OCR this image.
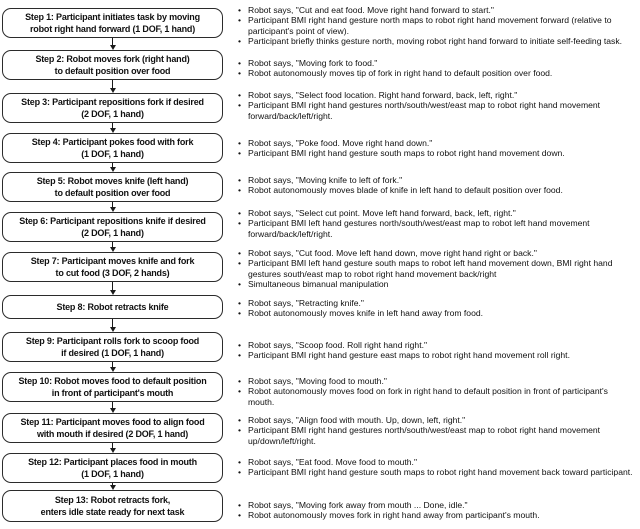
Step 1: Participant initiates task by moving
robot right hand forward (1 DOF, 1 hand)
Step 2: Robot moves fork (right hand)
to default position over food
Step 3: Participant repositions fork if desired
(2 DOF, 1 hand)
Step 4: Participant pokes food with fork
(1 DOF, 1 hand)
Step 5: Robot moves knife (left hand)
to default position over food
Step 6: Participant repositions knife if desired
(2 DOF, 1 hand)
Step 7: Participant moves knife and fork
to cut food (3 DOF, 2 hands)
Step 8: Robot retracts knife
Step 9: Participant rolls fork to scoop food
if desired (1 DOF, 1 hand)
Step 10: Robot moves food to default position
in front of participant's mouth
Step 11: Participant moves food to align food
with mouth if desired (2 DOF, 1 hand)
Step 12: Participant places food in mouth
(1 DOF, 1 hand)
Step 13: Robot retracts fork,
enters idle state ready for next task
• Robot says, "Cut and eat food. Move right hand forward to start."
• Participant BMI right hand gesture north maps to robot right hand movement forward (relative to participant's point of view).
• Participant briefly thinks gesture north, moving robot right hand forward to initiate self-feeding task.
• Robot says, "Moving fork to food."
• Robot autonomously moves tip of fork in right hand to default position over food.
• Robot says, "Select food location. Right hand forward, back, left, right."
• Participant BMI right hand gestures north/south/west/east map to robot right hand movement forward/back/left/right.
• Robot says, "Poke food. Move right hand down."
• Participant BMI right hand gesture south maps to robot right hand movement down.
• Robot says, "Moving knife to left of fork."
• Robot autonomously moves blade of knife in left hand to default position over food.
• Robot says, "Select cut point. Move left hand forward, back, left, right."
• Participant BMI left hand gestures north/south/west/east map to robot left hand movement forward/back/left/right.
• Robot says, "Cut food. Move left hand down, move right hand right or back."
• Participant BMI left hand gesture south maps to robot left hand movement down, BMI right hand gestures south/east map to robot right hand movement back/right
• Simultaneous bimanual manipulation
• Robot says, "Retracting knife."
• Robot autonomously moves knife in left hand away from food.
• Robot says, "Scoop food. Roll right hand right."
• Participant BMI right hand gesture east maps to robot right hand movement roll right.
• Robot says, "Moving food to mouth."
• Robot autonomously moves food on fork in right hand to default position in front of participant's mouth.
• Robot says, "Align food with mouth. Up, down, left, right."
• Participant BMI right hand gestures north/south/west/east map to robot right hand movement up/down/left/right.
• Robot says, "Eat food. Move food to mouth."
• Participant BMI right hand gesture south maps to robot right hand movement back toward participant.
• Robot says, "Moving fork away from mouth ... Done, idle."
• Robot autonomously moves fork in right hand away from participant's mouth.
